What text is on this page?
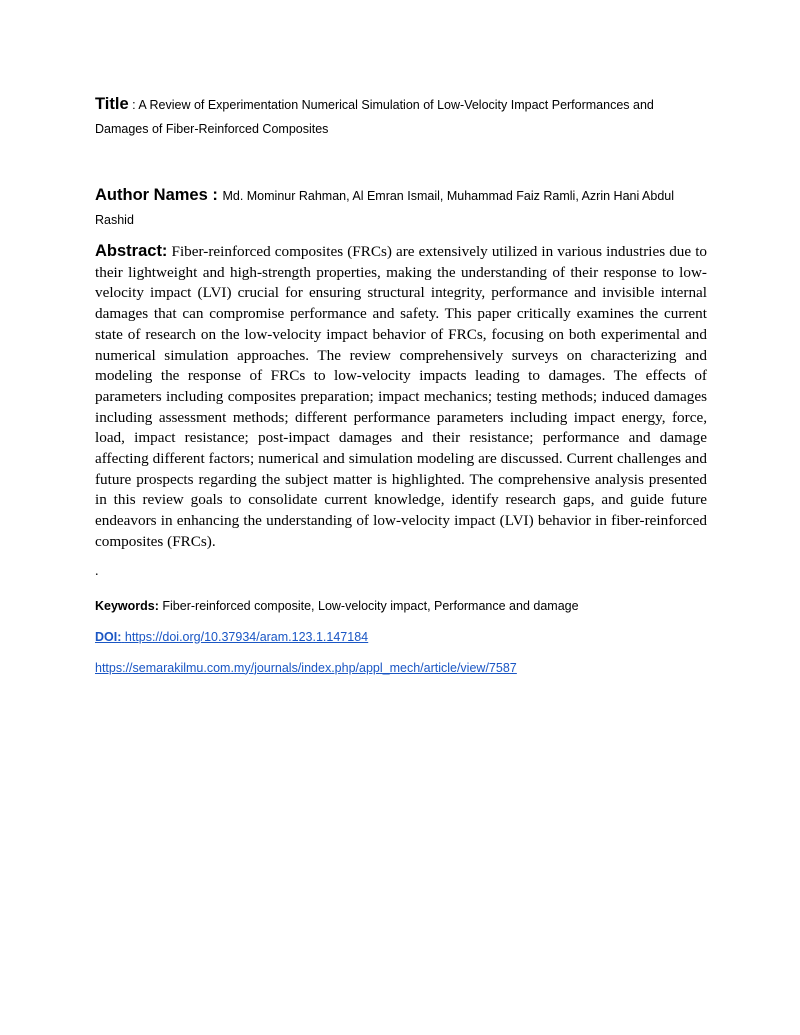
Title : A Review of Experimentation Numerical Simulation of Low-Velocity Impact Performances and Damages of Fiber-Reinforced Composites
Author Names : Md. Mominur Rahman, Al Emran Ismail, Muhammad Faiz Ramli, Azrin Hani Abdul Rashid
Abstract: Fiber-reinforced composites (FRCs) are extensively utilized in various industries due to their lightweight and high-strength properties, making the understanding of their response to low-velocity impact (LVI) crucial for ensuring structural integrity, performance and invisible internal damages that can compromise performance and safety. This paper critically examines the current state of research on the low-velocity impact behavior of FRCs, focusing on both experimental and numerical simulation approaches. The review comprehensively surveys on characterizing and modeling the response of FRCs to low-velocity impacts leading to damages. The effects of parameters including composites preparation; impact mechanics; testing methods; induced damages including assessment methods; different performance parameters including impact energy, force, load, impact resistance; post-impact damages and their resistance; performance and damage affecting different factors; numerical and simulation modeling are discussed. Current challenges and future prospects regarding the subject matter is highlighted. The comprehensive analysis presented in this review goals to consolidate current knowledge, identify research gaps, and guide future endeavors in enhancing the understanding of low-velocity impact (LVI) behavior in fiber-reinforced composites (FRCs).
.
Keywords: Fiber-reinforced composite, Low-velocity impact, Performance and damage
DOI: https://doi.org/10.37934/aram.123.1.147184
https://semarakilmu.com.my/journals/index.php/appl_mech/article/view/7587
